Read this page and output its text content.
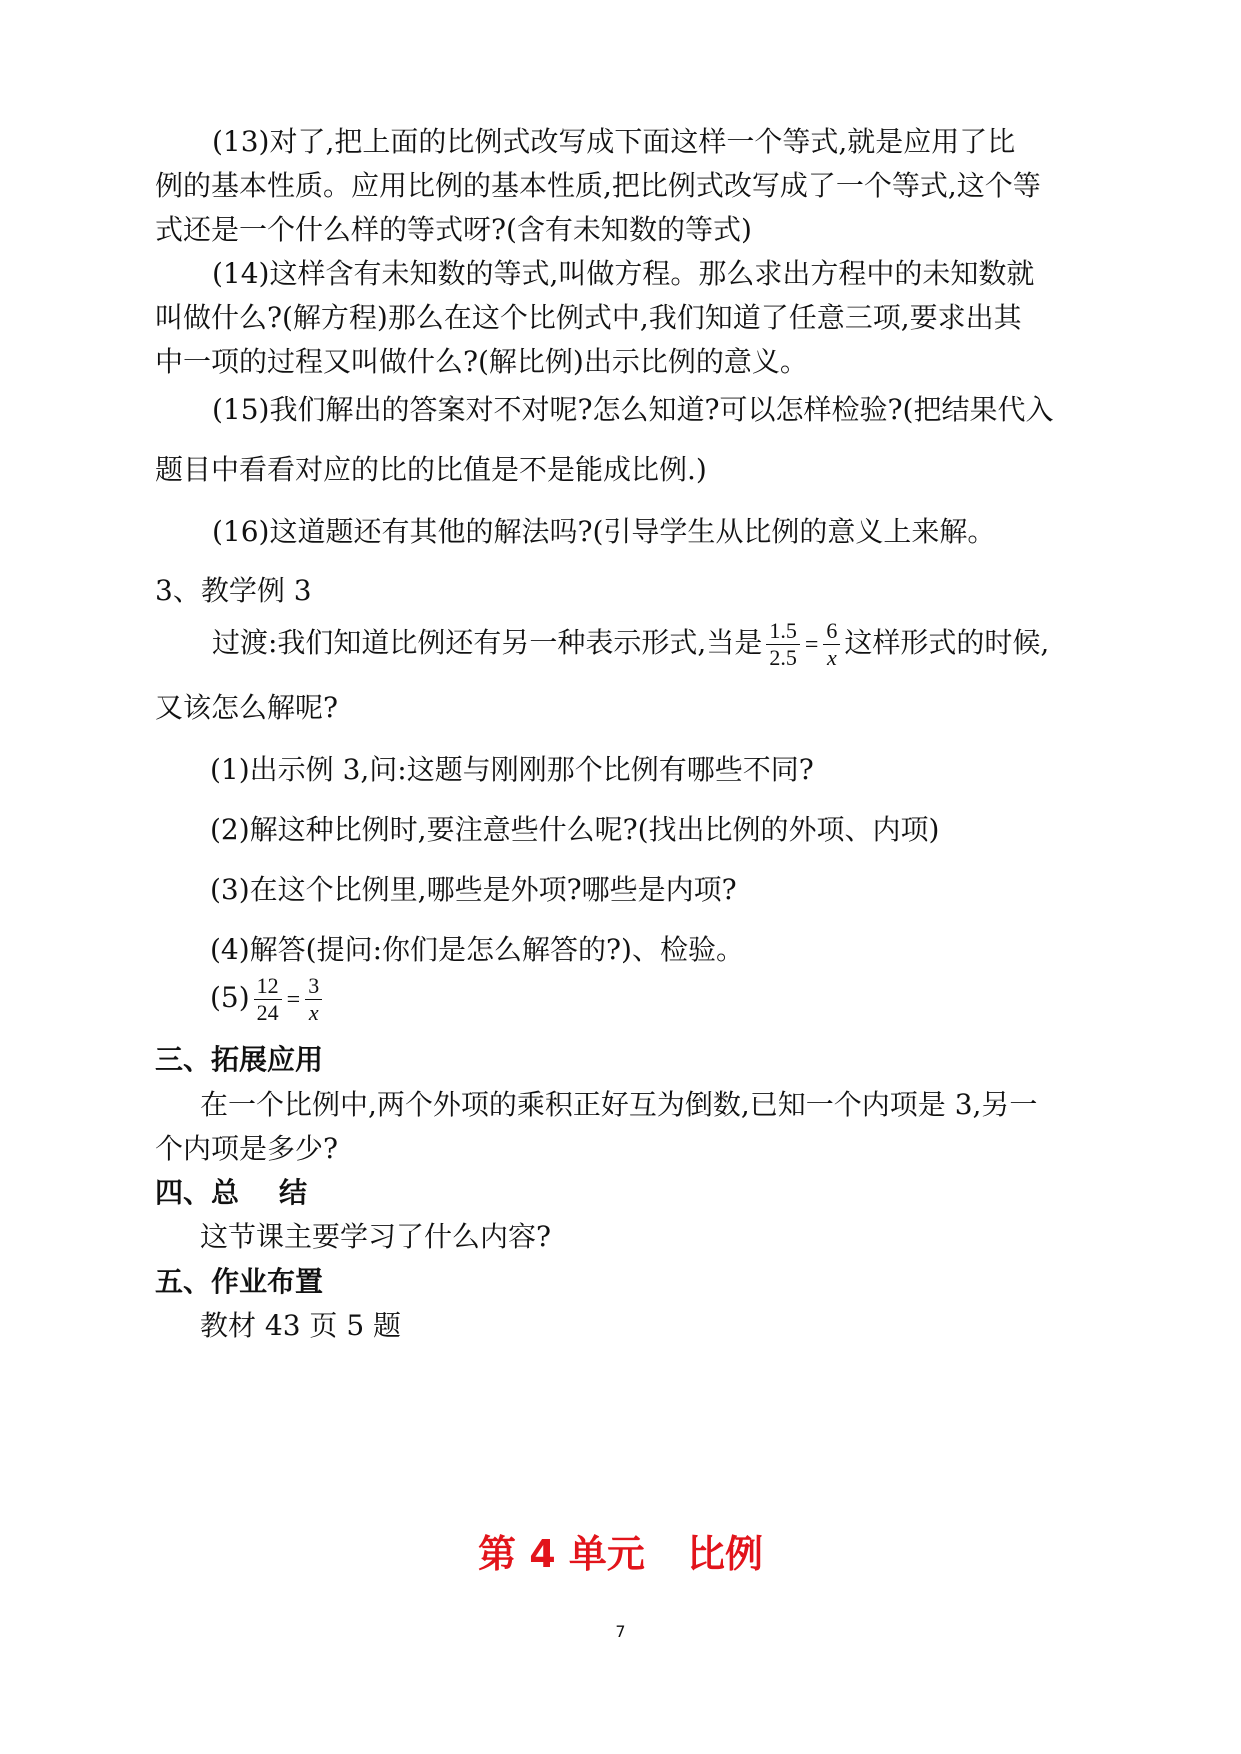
(13)对了,把上面的比例式改写成下面这样一个等式,就是应用了比
例的基本性质。应用比例的基本性质,把比例式改写成了一个等式,这个等
式还是一个什么样的等式呀?(含有未知数的等式)
(14)这样含有未知数的等式,叫做方程。那么求出方程中的未知数就
叫做什么?(解方程)那么在这个比例式中,我们知道了任意三项,要求出其
中一项的过程又叫做什么?(解比例)出示比例的意义。
(15)我们解出的答案对不对呢?怎么知道?可以怎样检验?(把结果代入
题目中看看对应的比的比值是不是能成比例.)
(16)这道题还有其他的解法吗?(引导学生从比例的意义上来解。
3、教学例 3
过渡:我们知道比例还有另一种表示形式,当是 $\frac{1.5}{2.5} = \frac{6}{x}$ 这样形式的时候,
又该怎么解呢?
(1)出示例 3,问:这题与刚刚那个比例有哪些不同?
(2)解这种比例时,要注意些什么呢?(找出比例的外项、内项)
(3)在这个比例里,哪些是外项?哪些是内项?
(4)解答(提问:你们是怎么解答的?)、检验。
$(5) \frac{12}{24} = \frac{3}{x}$
三、拓展应用
在一个比例中,两个外项的乘积正好互为倒数,已知一个内项是 3,另一
个内项是多少?
四、总 结
这节课主要学习了什么内容?
五、作业布置
教材 43 页 5 题
第 4 单元 比例
7
